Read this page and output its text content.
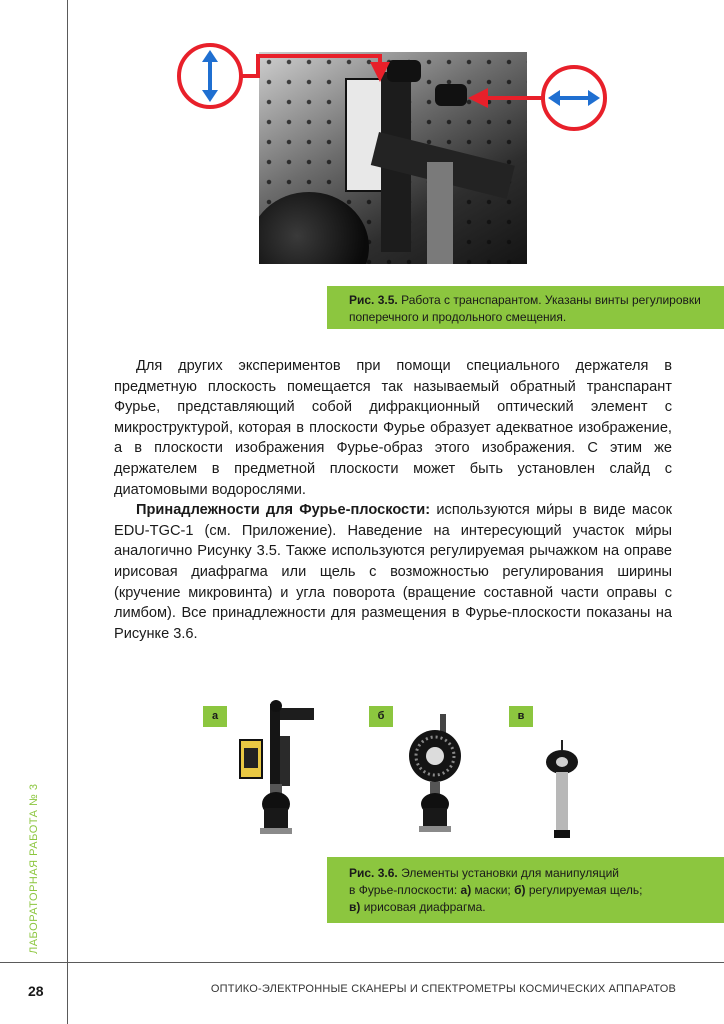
Рис. 3.5. Работа с транспарантом. Указаны винты регулировки поперечного и продольного смещения.

Для других экспериментов при помощи специального держателя в предметную плоскость помещается так называемый обратный транспарант Фурье, представляющий собой дифракционный оптический элемент с микроструктурой, которая в плоскости Фурье образует адекватное изображение, а в плоскости изображения Фурье-образ этого изображения. С этим же держателем в предметной плоскости может быть установлен слайд с диатомовыми водорослями.

Принадлежности для Фурье-плоскости: используются ми́ры в виде масок EDU-TGC-1 (см. Приложение). Наведение на интересующий участок ми́ры аналогично Рисунку 3.5. Также используются регулируемая рычажком на оправе ирисовая диафрагма или щель с возможностью регулирования ширины (кручение микровинта) и угла поворота (вращение составной части оправы с лимбом). Все принадлежности для размещения в Фурье-плоскости показаны на Рисунке 3.6.

а	б	в
Рис. 3.6. Элементы установки для манипуляций
в Фурье-плоскости: а) маски; б) регулируемая щель;
в) ирисовая диафрагма.
ЛАБОРАТОРНАЯ РАБОТА № 3
28	ОПТИКО-ЭЛЕКТРОННЫЕ СКАНЕРЫ И СПЕКТРОМЕТРЫ КОСМИЧЕСКИХ АППАРАТОВ
